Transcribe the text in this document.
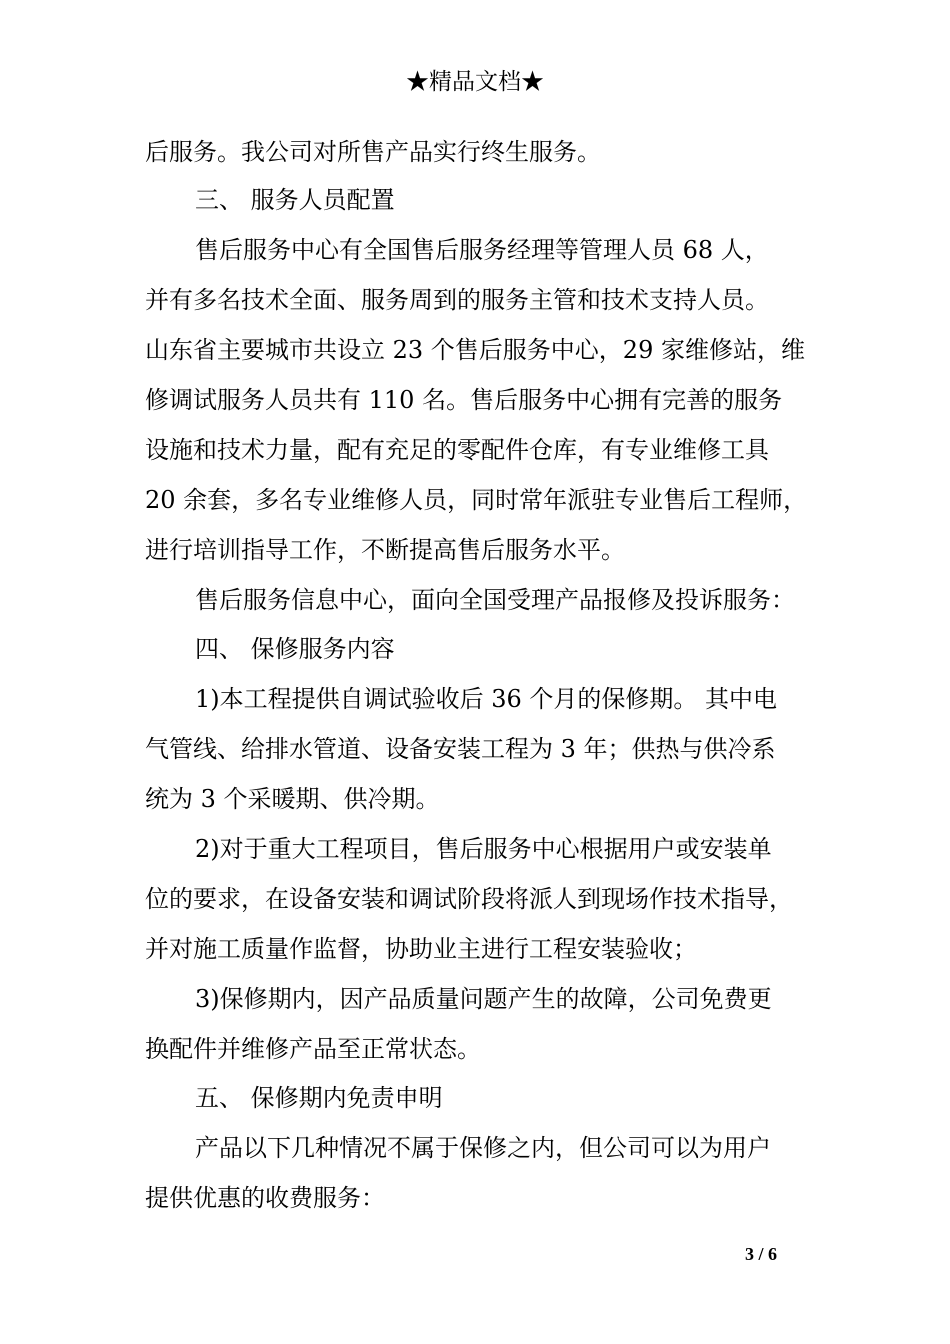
★精品文档★
后服务。我公司对所售产品实行终生服务。
三、 服务人员配置
售后服务中心有全国售后服务经理等管理人员 68 人，
并有多名技术全面、服务周到的服务主管和技术支持人员。
山东省主要城市共设立 23 个售后服务中心，29 家维修站，维
修调试服务人员共有 110 名。售后服务中心拥有完善的服务
设施和技术力量，配有充足的零配件仓库，有专业维修工具
20 余套，多名专业维修人员，同时常年派驻专业售后工程师，
进行培训指导工作，不断提高售后服务水平。
售后服务信息中心，面向全国受理产品报修及投诉服务：
四、 保修服务内容
1)本工程提供自调试验收后 36 个月的保修期。 其中电
气管线、给排水管道、设备安装工程为 3 年；供热与供冷系
统为 3 个采暖期、供冷期。
2)对于重大工程项目，售后服务中心根据用户或安装单
位的要求，在设备安装和调试阶段将派人到现场作技术指导，
并对施工质量作监督，协助业主进行工程安装验收；
3)保修期内，因产品质量问题产生的故障，公司免费更
换配件并维修产品至正常状态。
五、 保修期内免责申明
产品以下几种情况不属于保修之内，但公司可以为用户
提供优惠的收费服务：
3 / 6
